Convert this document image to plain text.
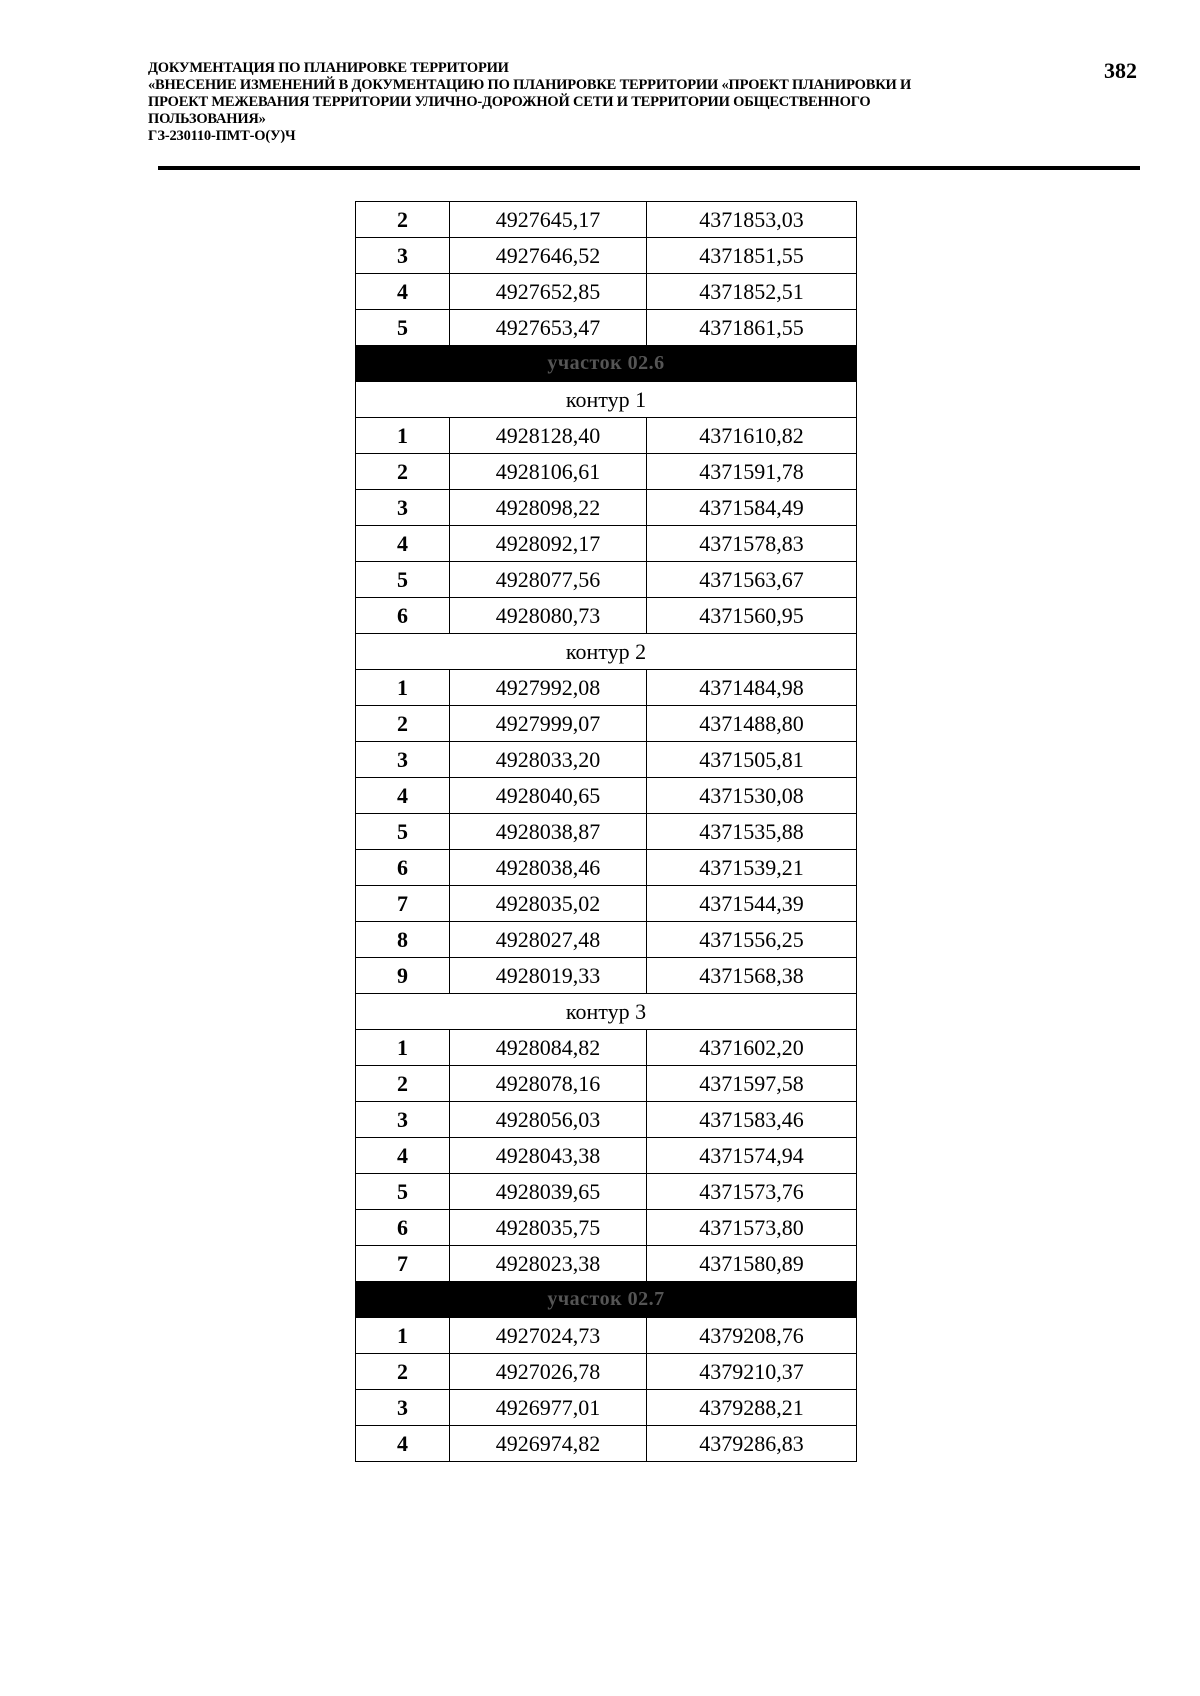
ДОКУМЕНТАЦИЯ ПО ПЛАНИРОВКЕ ТЕРРИТОРИИ
«ВНЕСЕНИЕ ИЗМЕНЕНИЙ В ДОКУМЕНТАЦИЮ ПО ПЛАНИРОВКЕ ТЕРРИТОРИИ «ПРОЕКТ ПЛАНИРОВКИ И
ПРОЕКТ МЕЖЕВАНИЯ ТЕРРИТОРИИ УЛИЧНО-ДОРОЖНОЙ СЕТИ И ТЕРРИТОРИИ ОБЩЕСТВЕННОГО
ПОЛЬЗОВАНИЯ»
ГЗ-230110-ПМТ-О(У)Ч
382
2	4927645,17	4371853,03
3	4927646,52	4371851,55
4	4927652,85	4371852,51
5	4927653,47	4371861,55
участок 02.6		
контур 1		
1	4928128,40	4371610,82
2	4928106,61	4371591,78
3	4928098,22	4371584,49
4	4928092,17	4371578,83
5	4928077,56	4371563,67
6	4928080,73	4371560,95
контур 2		
1	4927992,08	4371484,98
2	4927999,07	4371488,80
3	4928033,20	4371505,81
4	4928040,65	4371530,08
5	4928038,87	4371535,88
6	4928038,46	4371539,21
7	4928035,02	4371544,39
8	4928027,48	4371556,25
9	4928019,33	4371568,38
контур 3		
1	4928084,82	4371602,20
2	4928078,16	4371597,58
3	4928056,03	4371583,46
4	4928043,38	4371574,94
5	4928039,65	4371573,76
6	4928035,75	4371573,80
7	4928023,38	4371580,89
участок 02.7		
1	4927024,73	4379208,76
2	4927026,78	4379210,37
3	4926977,01	4379288,21
4	4926974,82	4379286,83
